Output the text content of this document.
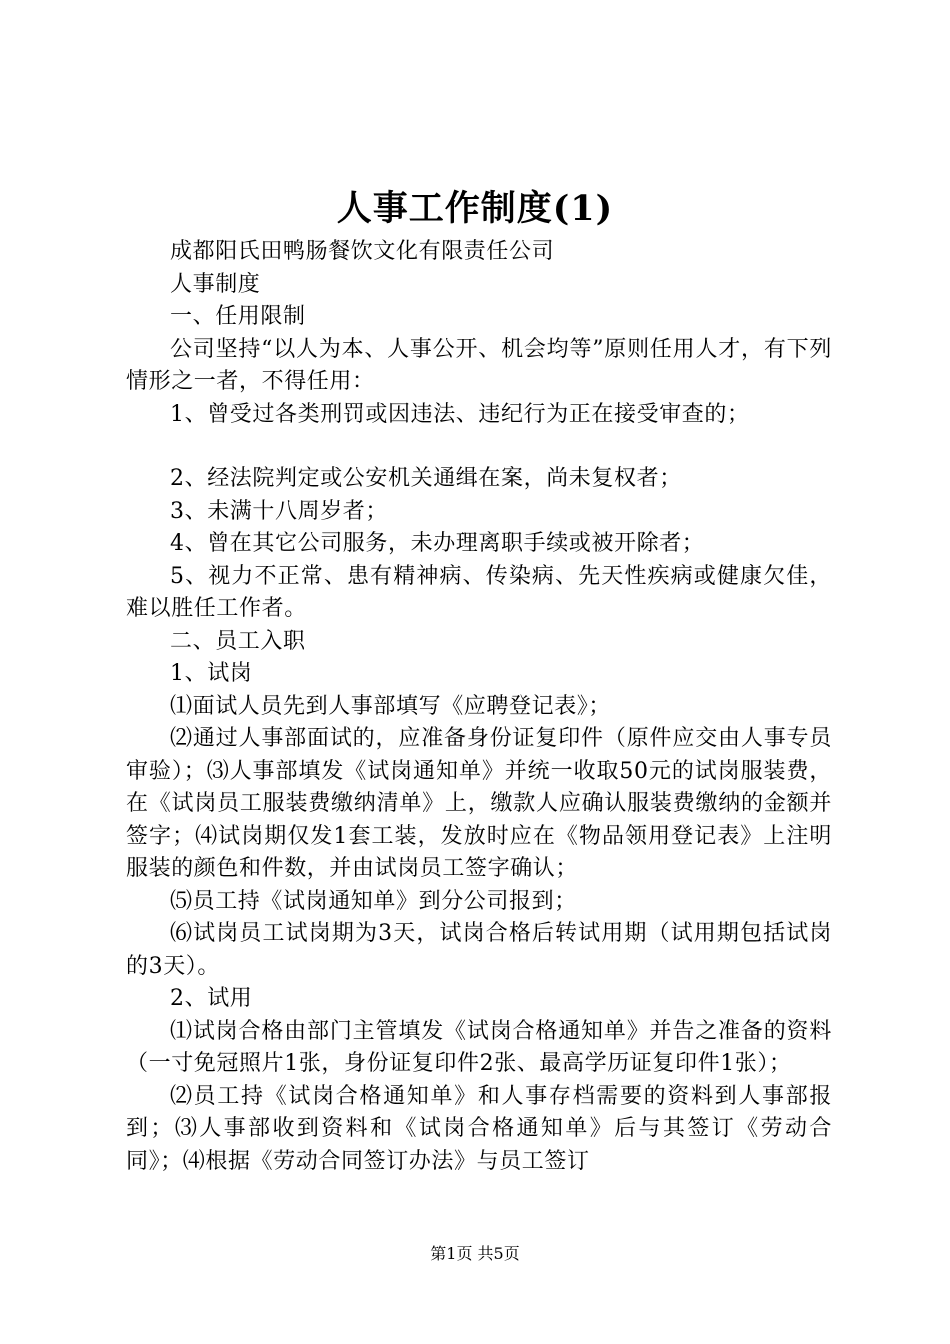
人事工作制度(1)

成都阳氏田鸭肠餐饮文化有限责任公司

人事制度

一、任用限制

公司坚持“以人为本、人事公开、机会均等”原则任用人才，有下列情形之一者，不得任用：

1、曾受过各类刑罚或因违法、违纪行为正在接受审查的；

2、经法院判定或公安机关通缉在案，尚未复权者；

3、未满十八周岁者；

4、曾在其它公司服务，未办理离职手续或被开除者；

5、视力不正常、患有精神病、传染病、先天性疾病或健康欠佳，难以胜任工作者。

二、员工入职

1、试岗

⑴面试人员先到人事部填写《应聘登记表》；

⑵通过人事部面试的，应准备身份证复印件（原件应交由人事专员审验）；⑶人事部填发《试岗通知单》并统一收取50元的试岗服装费，在《试岗员工服装费缴纳清单》上，缴款人应确认服装费缴纳的金额并签字；⑷试岗期仅发1套工装，发放时应在《物品领用登记表》上注明服装的颜色和件数，并由试岗员工签字确认；

⑸员工持《试岗通知单》到分公司报到；

⑹试岗员工试岗期为3天，试岗合格后转试用期（试用期包括试岗的3天）。

2、试用

⑴试岗合格由部门主管填发《试岗合格通知单》并告之准备的资料（一寸免冠照片1张，身份证复印件2张、最高学历证复印件1张）；

⑵员工持《试岗合格通知单》和人事存档需要的资料到人事部报到；⑶人事部收到资料和《试岗合格通知单》后与其签订《劳动合同》；⑷根据《劳动合同签订办法》与员工签订

第1页 共5页
